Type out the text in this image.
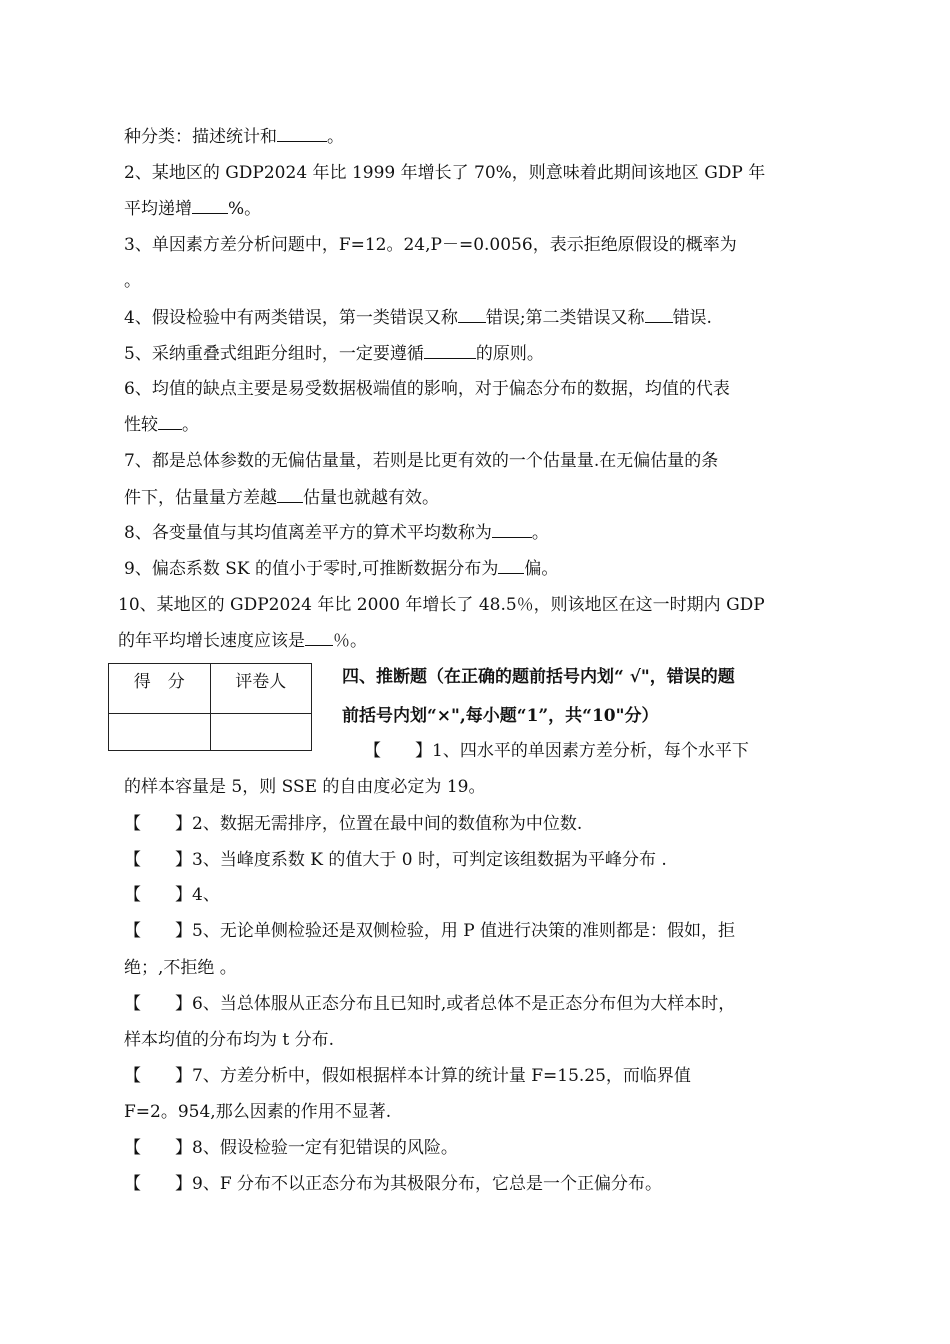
种分类：描述统计和	。
2、某地区的 GDP2024 年比 1999 年增长了 70%，则意味着此期间该地区 GDP 年
平均递增 %。
3、单因素方差分析问题中，F=12。24,P－=0.0056，表示拒绝原假设的概率为
。
4、假设检验中有两类错误，第一类错误又称 错误;第二类错误又称 错误.
5、采纳重叠式组距分组时，一定要遵循	的原则。
6、均值的缺点主要是易受数据极端值的影响，对于偏态分布的数据，均值的代表
性较 。
7、都是总体参数的无偏估量量，若则是比更有效的一个估量量.在无偏估量的条
件下，估量量方差越 估量也就越有效。
8、各变量值与其均值离差平方的算术平均数称为 。
9、偏态系数 SK 的值小于零时,可推断数据分布为 偏。
10、某地区的 GDP2024 年比 2000 年增长了 48.5％，则该地区在这一时期内 GDP
的年平均增长速度应该是 ％。
得　分	评卷人
		四、推断题（在正确的题前括号内划“ √"，错误的题
前括号内划“×",每小题“1”，共“10"分）
【　　】1、四水平的单因素方差分析，每个水平下
的样本容量是 5，则 SSE 的自由度必定为 19。
【　　】2、数据无需排序，位置在最中间的数值称为中位数.
【　　】3、当峰度系数 K 的值大于 0 时，可判定该组数据为平峰分布 .
【　　】4、
【　　】5、无论单侧检验还是双侧检验，用 P 值进行决策的准则都是：假如，拒
绝；,不拒绝 。
【　　】6、当总体服从正态分布且已知时,或者总体不是正态分布但为大样本时，
样本均值的分布均为 t 分布.
【　　】7、方差分析中，假如根据样本计算的统计量 F=15.25，而临界值
F=2。954,那么因素的作用不显著.
【　　】8、假设检验一定有犯错误的风险。
【　　】9、F 分布不以正态分布为其极限分布，它总是一个正偏分布。
